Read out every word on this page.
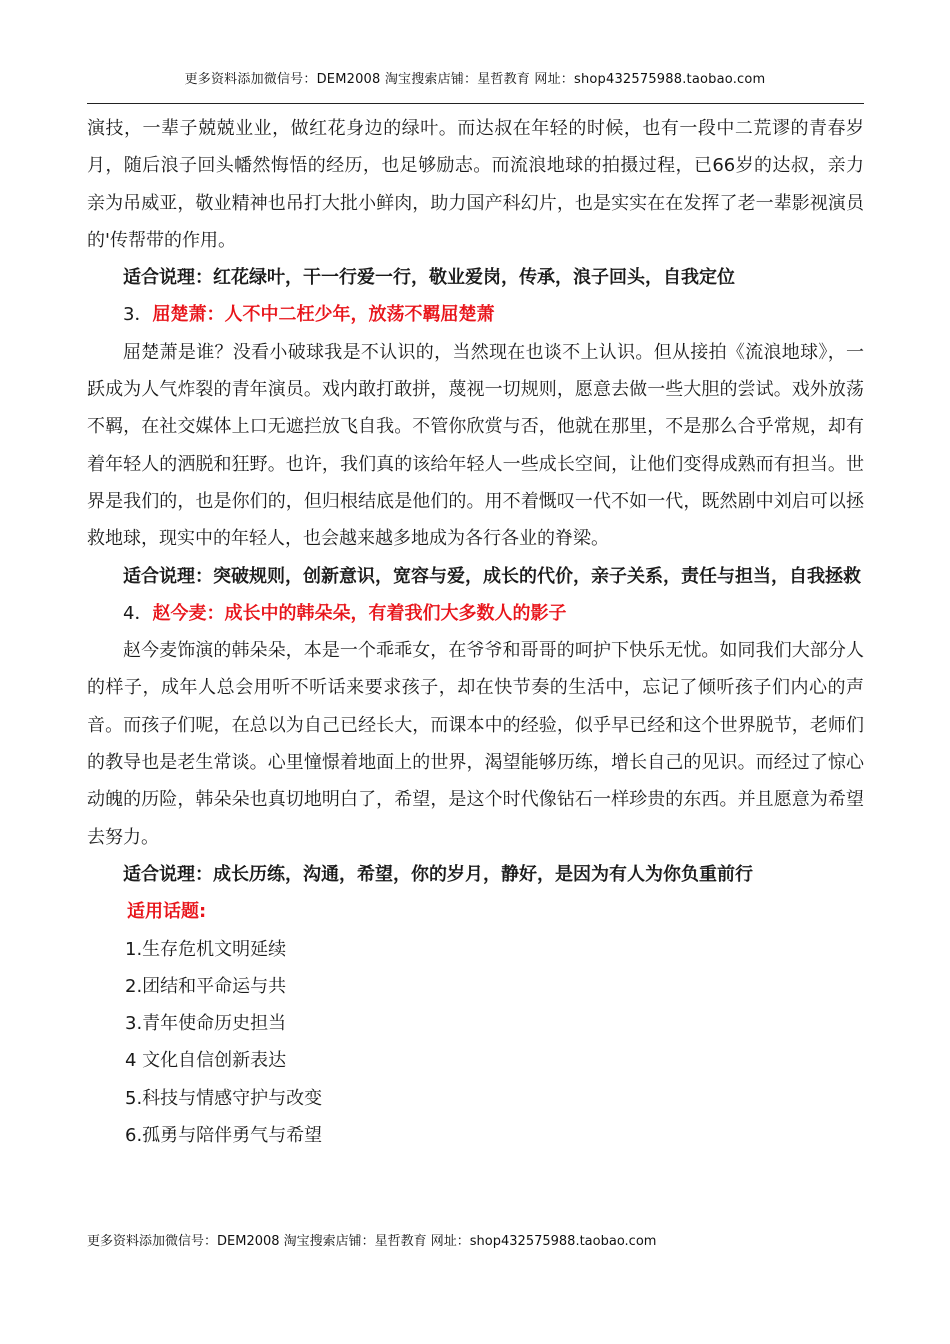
更多资料添加微信号：DEM2008 淘宝搜索店铺：星哲教育 网址：shop432575988.taobao.com

演技，一辈子兢兢业业，做红花身边的绿叶。而达叔在年轻的时候，也有一段中二荒谬的青春岁月，随后浪子回头幡然悔悟的经历，也足够励志。而流浪地球的拍摄过程，已66岁的达叔，亲力亲为吊威亚，敬业精神也吊打大批小鲜肉，助力国产科幻片，也是实实在在发挥了老一辈影视演员的'传帮带的作用。

适合说理：红花绿叶，干一行爱一行，敬业爱岗，传承，浪子回头，自我定位

3．屈楚萧：人不中二枉少年，放荡不羁屈楚萧

屈楚萧是谁？没看小破球我是不认识的，当然现在也谈不上认识。但从接拍《流浪地球》，一跃成为人气炸裂的青年演员。戏内敢打敢拼，蔑视一切规则，愿意去做一些大胆的尝试。戏外放荡不羁，在社交媒体上口无遮拦放飞自我。不管你欣赏与否，他就在那里，不是那么合乎常规，却有着年轻人的洒脱和狂野。也许，我们真的该给年轻人一些成长空间，让他们变得成熟而有担当。世界是我们的，也是你们的，但归根结底是他们的。用不着慨叹一代不如一代，既然剧中刘启可以拯救地球，现实中的年轻人，也会越来越多地成为各行各业的脊梁。

适合说理：突破规则，创新意识，宽容与爱，成长的代价，亲子关系，责任与担当，自我拯救

4．赵今麦：成长中的韩朵朵，有着我们大多数人的影子

赵今麦饰演的韩朵朵，本是一个乖乖女，在爷爷和哥哥的呵护下快乐无忧。如同我们大部分人的样子，成年人总会用听不听话来要求孩子，却在快节奏的生活中，忘记了倾听孩子们内心的声音。而孩子们呢，在总以为自己已经长大，而课本中的经验，似乎早已经和这个世界脱节，老师们的教导也是老生常谈。心里憧憬着地面上的世界，渴望能够历练，增长自己的见识。而经过了惊心动魄的历险，韩朵朵也真切地明白了，希望，是这个时代像钻石一样珍贵的东西。并且愿意为希望去努力。

适合说理：成长历练，沟通，希望，你的岁月，静好，是因为有人为你负重前行

适用话题:

1.生存危机文明延续

2.团结和平命运与共

3.青年使命历史担当

4 文化自信创新表达

5.科技与情感守护与改变

6.孤勇与陪伴勇气与希望

更多资料添加微信号：DEM2008 淘宝搜索店铺：星哲教育 网址：shop432575988.taobao.com
